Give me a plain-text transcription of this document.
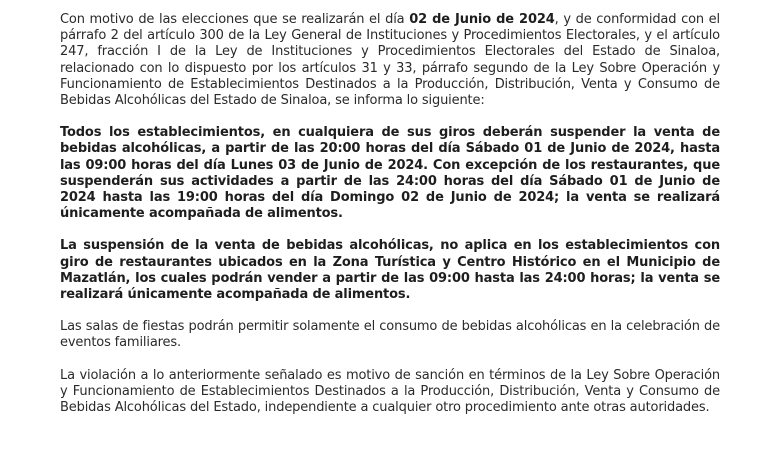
Con motivo de las elecciones que se realizarán el día 02 de Junio de 2024, y de conformidad con el párrafo 2 del artículo 300 de la Ley General de Instituciones y Procedimientos Electorales, y el artículo 247, fracción I de la Ley de Instituciones y Procedimientos Electorales del Estado de Sinaloa, relacionado con lo dispuesto por los artículos 31 y 33, párrafo segundo de la Ley Sobre Operación y Funcionamiento de Establecimientos Destinados a la Producción, Distribución, Venta y Consumo de Bebidas Alcohólicas del Estado de Sinaloa, se informa lo siguiente:

Todos los establecimientos, en cualquiera de sus giros deberán suspender la venta de bebidas alcohólicas, a partir de las 20:00 horas del día Sábado 01 de Junio de 2024, hasta las 09:00 horas del día Lunes 03 de Junio de 2024. Con excepción de los restaurantes, que suspenderán sus actividades a partir de las 24:00 horas del día Sábado 01 de Junio de 2024 hasta las 19:00 horas del día Domingo 02 de Junio de 2024; la venta se realizará únicamente acompañada de alimentos.

La suspensión de la venta de bebidas alcohólicas, no aplica en los establecimientos con giro de restaurantes ubicados en la Zona Turística y Centro Histórico en el Municipio de Mazatlán, los cuales podrán vender a partir de las 09:00 hasta las 24:00 horas; la venta se realizará únicamente acompañada de alimentos.

Las salas de fiestas podrán permitir solamente el consumo de bebidas alcohólicas en la celebración de eventos familiares.

La violación a lo anteriormente señalado es motivo de sanción en términos de la Ley Sobre Operación y Funcionamiento de Establecimientos Destinados a la Producción, Distribución, Venta y Consumo de Bebidas Alcohólicas del Estado, independiente a cualquier otro procedimiento ante otras autoridades.
